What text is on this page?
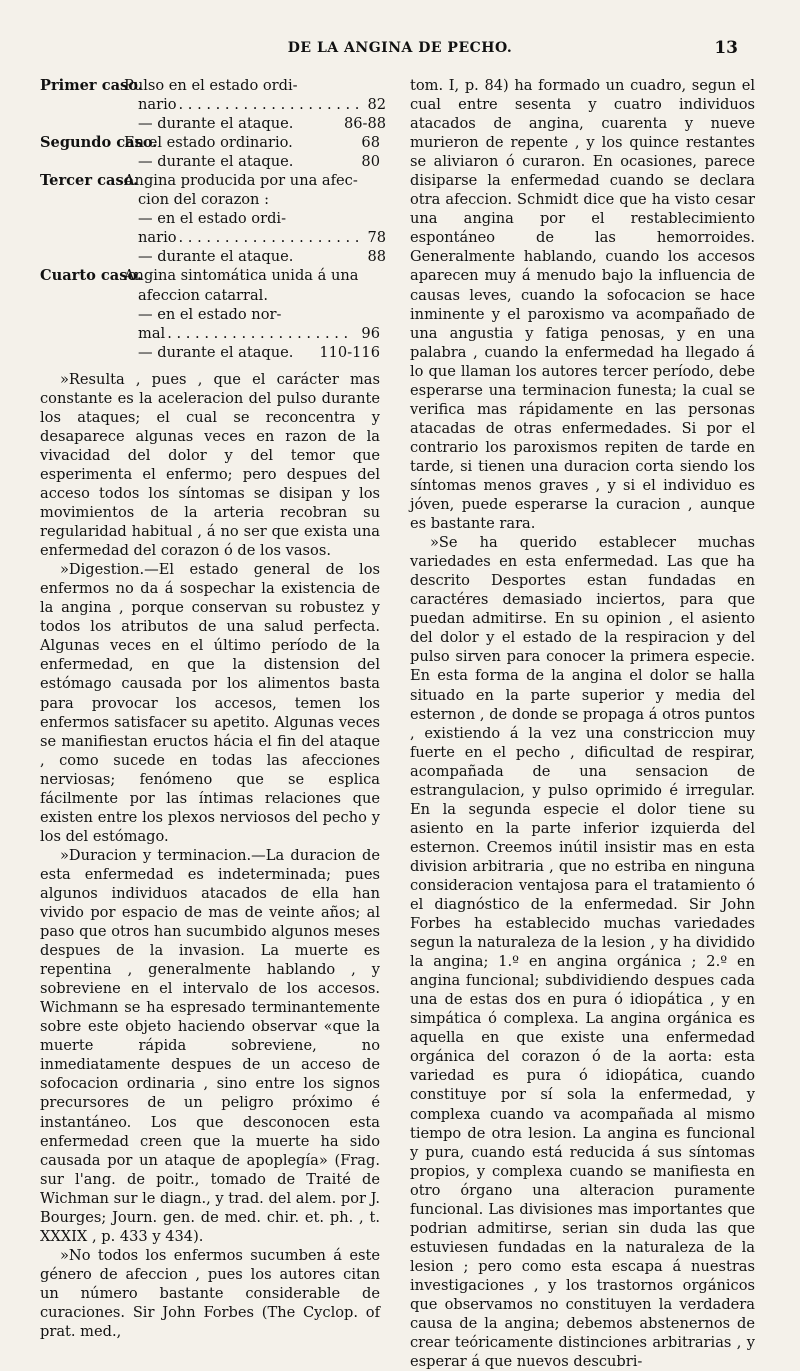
DE LA ANGINA DE PECHO.	13
Primer caso.
Pulso en el estado ordi-
nario . . .	82
— durante el ataque.	86-88
Segundo caso.
En el estado ordinario.	68
— durante el ataque.	80
Tercer caso.
Angina producida por una afec-
cion del corazon :
— en el estado ordi-
nario . . .	78
— durante el ataque.	88
Cuarto caso.
Angina sintomática unida á una
afeccion catarral.
— en el estado nor-
mal . . .	96
— durante el ataque.	110-116

»Resulta , pues , que el carácter mas constante es la aceleracion del pulso durante los ataques; el cual se reconcentra y desaparece algunas veces en razon de la vivacidad del dolor y del temor que esperimenta el enfermo; pero despues del acceso todos los síntomas se disipan y los movimientos de la arteria recobran su regularidad habitual , á no ser que exista una enfermedad del corazon ó de los vasos.

»Digestion.—El estado general de los enfermos no da á sospechar la existencia de la angina , porque conservan su robustez y todos los atributos de una salud perfecta. Algunas veces en el último período de la enfermedad, en que la distension del estómago causada por los alimentos basta para provocar los accesos, temen los enfermos satisfacer su apetito. Algunas veces se manifiestan eructos hácia el fin del ataque , como sucede en todas las afecciones nerviosas; fenómeno que se esplica fácilmente por las íntimas relaciones que existen entre los plexos nerviosos del pecho y los del estómago.

»Duracion y terminacion.—La duracion de esta enfermedad es indeterminada; pues algunos individuos atacados de ella han vivido por espacio de mas de veinte años; al paso que otros han sucumbido algunos meses despues de la invasion. La muerte es repentina , generalmente hablando , y sobreviene en el intervalo de los accesos. Wichmann se ha espresado terminantemente sobre este objeto haciendo observar «que la muerte rápida sobreviene, no inmediatamente despues de un acceso de sofocacion ordinaria , sino entre los signos precursores de un peligro próximo é instantáneo. Los que desconocen esta enfermedad creen que la muerte ha sido causada por un ataque de apoplegía» (Frag. sur l'ang. de poitr., tomado de Traité de Wichman sur le diagn., y trad. del alem. por J. Bourges; Journ. gen. de med. chir. et. ph. , t. XXXIX , p. 433 y 434).

»No todos los enfermos sucumben á este género de afeccion , pues los autores citan un número bastante considerable de curaciones. Sir John Forbes (The Cyclop. of prat. med.,

tom. I, p. 84) ha formado un cuadro, segun el cual entre sesenta y cuatro individuos atacados de angina, cuarenta y nueve murieron de repente , y los quince restantes se aliviaron ó curaron. En ocasiones, parece disiparse la enfermedad cuando se declara otra afeccion. Schmidt dice que ha visto cesar una angina por el restablecimiento espontáneo de las hemorroides. Generalmente hablando, cuando los accesos aparecen muy á menudo bajo la influencia de causas leves, cuando la sofocacion se hace inminente y el paroxismo va acompañado de una angustia y fatiga penosas, y en una palabra , cuando la enfermedad ha llegado á lo que llaman los autores tercer período, debe esperarse una terminacion funesta; la cual se verifica mas rápidamente en las personas atacadas de otras enfermedades. Si por el contrario los paroxismos repiten de tarde en tarde, si tienen una duracion corta siendo los síntomas menos graves , y si el individuo es jóven, puede esperarse la curacion , aunque es bastante rara.

»Se ha querido establecer muchas variedades en esta enfermedad. Las que ha descrito Desportes estan fundadas en caractéres demasiado inciertos, para que puedan admitirse. En su opinion , el asiento del dolor y el estado de la respiracion y del pulso sirven para conocer la primera especie. En esta forma de la angina el dolor se halla situado en la parte superior y media del esternon , de donde se propaga á otros puntos , existiendo á la vez una constriccion muy fuerte en el pecho , dificultad de respirar, acompañada de una sensacion de estrangulacion, y pulso oprimido é irregular. En la segunda especie el dolor tiene su asiento en la parte inferior izquierda del esternon. Creemos inútil insistir mas en esta division arbitraria , que no estriba en ninguna consideracion ventajosa para el tratamiento ó el diagnóstico de la enfermedad. Sir John Forbes ha establecido muchas variedades segun la naturaleza de la lesion , y ha dividido la angina; 1.º en angina orgánica ; 2.º en angina funcional; subdividiendo despues cada una de estas dos en pura ó idiopática , y en simpática ó complexa. La angina orgánica es aquella en que existe una enfermedad orgánica del corazon ó de la aorta: esta variedad es pura ó idiopática, cuando constituye por sí sola la enfermedad, y complexa cuando va acompañada al mismo tiempo de otra lesion. La angina es funcional y pura, cuando está reducida á sus síntomas propios, y complexa cuando se manifiesta en otro órgano una alteracion puramente funcional. Las divisiones mas importantes que podrian admitirse, serian sin duda las que estuviesen fundadas en la naturaleza de la lesion ; pero como esta escapa á nuestras investigaciones , y los trastornos orgánicos que observamos no constituyen la verdadera causa de la angina; debemos abstenernos de crear teóricamente distinciones arbitrarias , y esperar á que nuevos descubri-
